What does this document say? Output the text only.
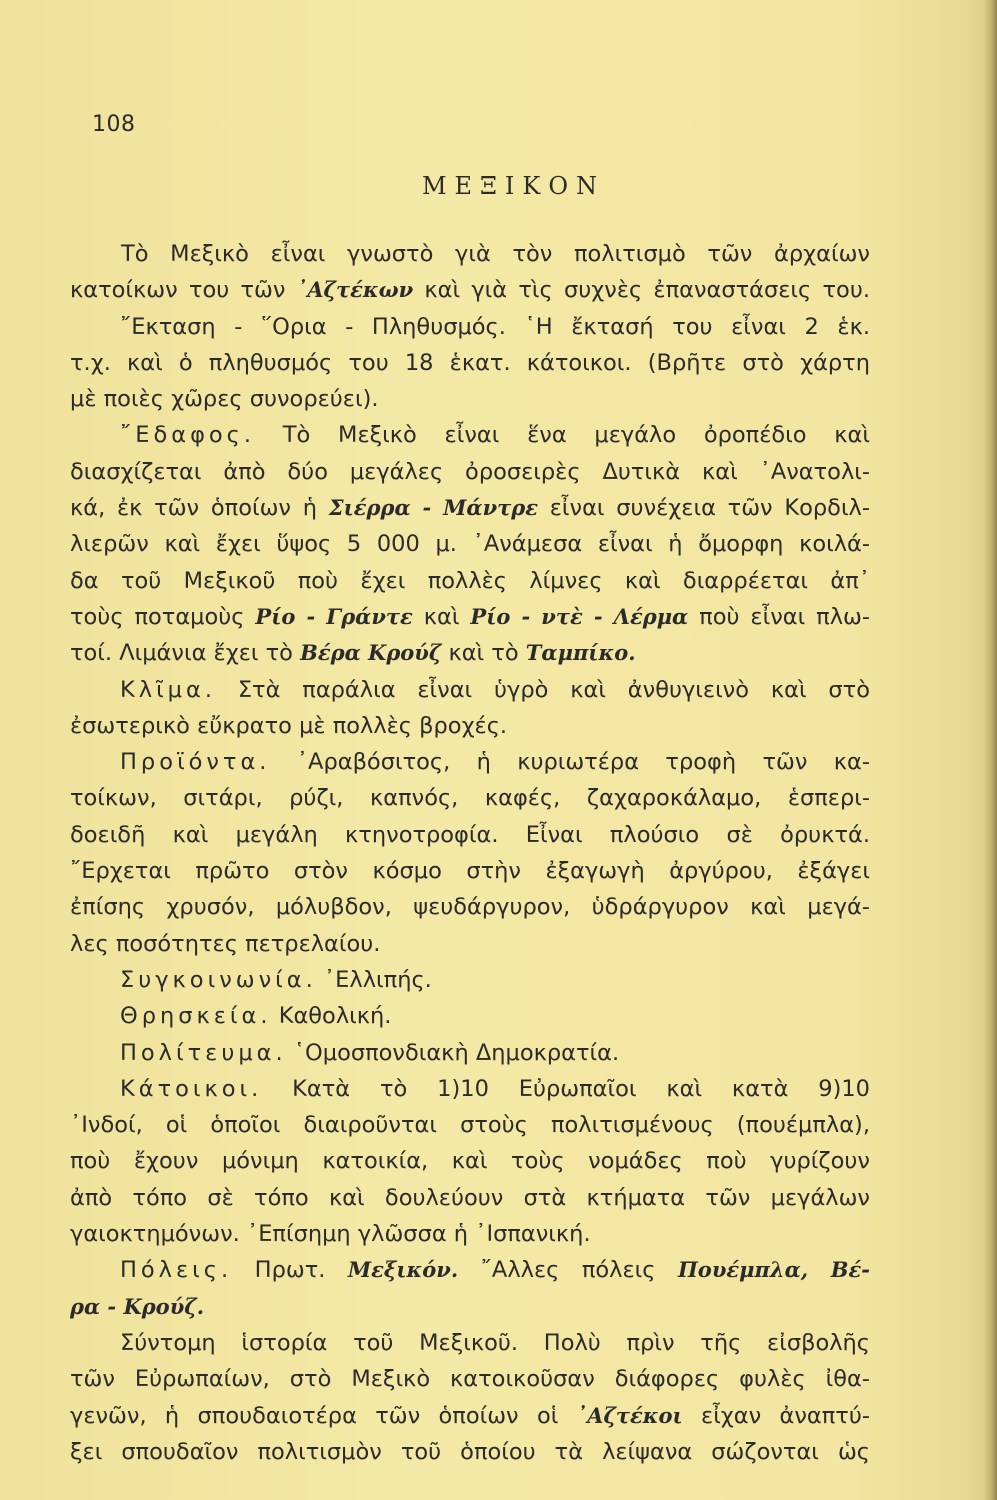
108
ΜΕΞΙΚΟΝ
Τὸ Μεξικὸ εἶναι γνωστὸ γιὰ τὸν πολιτισμὸ τῶν ἀρχαίων
κατοίκων του τῶν ᾿Αζτέκων καὶ γιὰ τὶς συχνὲς ἐπαναστάσεις του.
῎Εκταση - ῞Ορια - Πληθυσμός. ῾Η ἔκτασή του εἶναι 2 ἑκ.
τ.χ. καὶ ὁ πληθυσμός του 18 ἑκατ. κάτοικοι. (Βρῆτε στὸ χάρτη
μὲ ποιὲς χῶρες συνορεύει).
῎Εδαφος. Τὸ Μεξικὸ εἶναι ἕνα μεγάλο ὀροπέδιο καὶ
διασχίζεται ἀπὸ δύο μεγάλες ὀροσειρὲς Δυτικὰ καὶ ᾿Ανατολι-
κά, ἐκ τῶν ὁποίων ἡ Σιέρρα - Μάντρε εἶναι συνέχεια τῶν Κορδιλ-
λιερῶν καὶ ἔχει ὕψος 5 000 μ. ᾿Ανάμεσα εἶναι ἡ ὄμορφη κοιλά-
δα τοῦ Μεξικοῦ ποὺ ἔχει πολλὲς λίμνες καὶ διαρρέεται ἀπ᾿
τοὺς ποταμοὺς Ρίο - Γράντε καὶ Ρίο - ντὲ - Λέρμα ποὺ εἶναι πλω-
τοί. Λιμάνια ἔχει τὸ Βέρα Κρούζ καὶ τὸ Ταμπίκο.
Κλῖμα. Στὰ παράλια εἶναι ὑγρὸ καὶ ἀνθυγιεινὸ καὶ στὸ
ἐσωτερικὸ εὔκρατο μὲ πολλὲς βροχές.
Προϊόντα. ᾿Αραβόσιτος, ἡ κυριωτέρα τροφὴ τῶν κα-
τοίκων, σιτάρι, ρύζι, καπνός, καφές, ζαχαροκάλαμο, ἑσπερι-
δοειδῆ καὶ μεγάλη κτηνοτροφία. Εἶναι πλούσιο σὲ ὀρυκτά.
῎Ερχεται πρῶτο στὸν κόσμο στὴν ἐξαγωγὴ ἀργύρου, ἐξάγει
ἐπίσης χρυσόν, μόλυβδον, ψευδάργυρον, ὑδράργυρον καὶ μεγά-
λες ποσότητες πετρελαίου.
Συγκοινωνία. ᾿Ελλιπής.
Θρησκεία. Καθολική.
Πολίτευμα. ῾Ομοσπονδιακὴ Δημοκρατία.
Κάτοικοι. Κατὰ τὸ 1)10 Εὐρωπαῖοι καὶ κατὰ 9)10
᾿Ινδοί, οἱ ὁποῖοι διαιροῦνται στοὺς πολιτισμένους (πουέμπλα),
ποὺ ἔχουν μόνιμη κατοικία, καὶ τοὺς νομάδες ποὺ γυρίζουν
ἀπὸ τόπο σὲ τόπο καὶ δουλεύουν στὰ κτήματα τῶν μεγάλων
γαιοκτημόνων. ᾿Επίσημη γλῶσσα ἡ ᾿Ισπανική.
Πόλεις. Πρωτ. Μεξικόν. ῎Αλλες πόλεις Πουέμπλα, Βέ-
ρα - Κρούζ.
Σύντομη ἱστορία τοῦ Μεξικοῦ. Πολὺ πρὶν τῆς εἰσβολῆς
τῶν Εὐρωπαίων, στὸ Μεξικὸ κατοικοῦσαν διάφορες φυλὲς ἰθα-
γενῶν, ἡ σπουδαιοτέρα τῶν ὁποίων οἱ ᾿Αζτέκοι εἶχαν ἀναπτύ-
ξει σπουδαῖον πολιτισμὸν τοῦ ὁποίου τὰ λείψανα σώζονται ὡς
